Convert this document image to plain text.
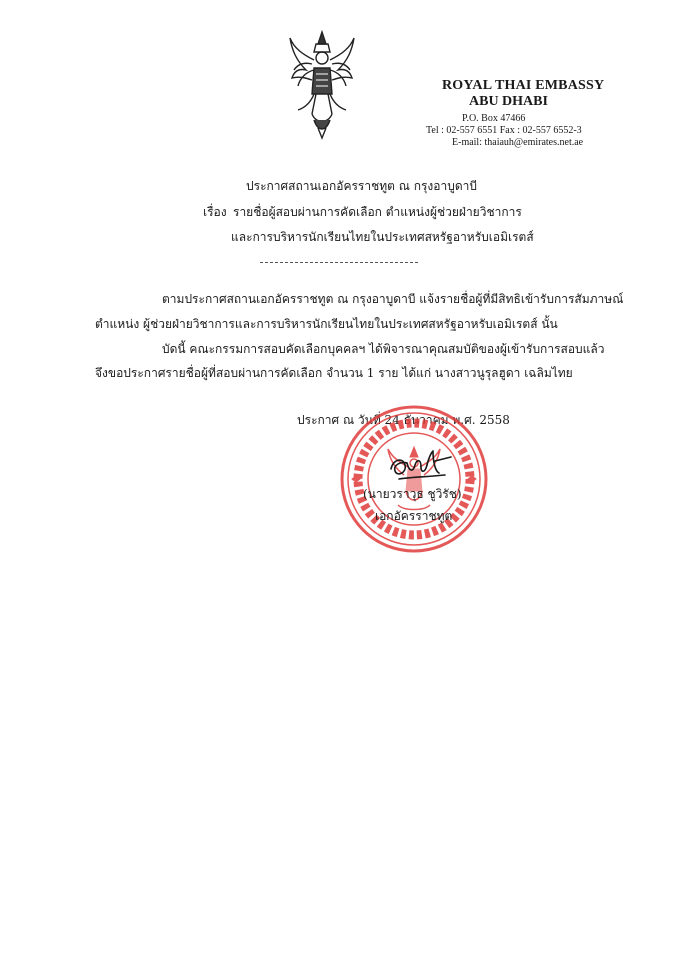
ROYAL THAI EMBASSY
ABU DHABI
P.O. Box 47466
Tel : 02-557 6551 Fax : 02-557 6552-3
E-mail: thaiauh@emirates.net.ae
ประกาศสถานเอกอัครราชทูต ณ กรุงอาบูดาบี
เรื่อง รายชื่อผู้สอบผ่านการคัดเลือก ตำแหน่งผู้ช่วยฝ่ายวิชาการ
และการบริหารนักเรียนไทยในประเทศสหรัฐอาหรับเอมิเรตส์
ตามประกาศสถานเอกอัครราชทูต ณ กรุงอาบูดาบี แจ้งรายชื่อผู้ที่มีสิทธิเข้ารับการสัมภาษณ์
ตำแหน่ง ผู้ช่วยฝ่ายวิชาการและการบริหารนักเรียนไทยในประเทศสหรัฐอาหรับเอมิเรตส์ นั้น
บัดนี้ คณะกรรมการสอบคัดเลือกบุคคลฯ ได้พิจารณาคุณสมบัติของผู้เข้ารับการสอบแล้ว
จึงขอประกาศรายชื่อผู้ที่สอบผ่านการคัดเลือก จำนวน 1 ราย ได้แก่ นางสาวนูรุลฮูดา เฉลิมไทย
ประกาศ ณ วันที่ 24 ธันวาคม พ.ศ. 2558
(นายวราวุธ ชูวิรัช)
เอกอัครราชทูต
